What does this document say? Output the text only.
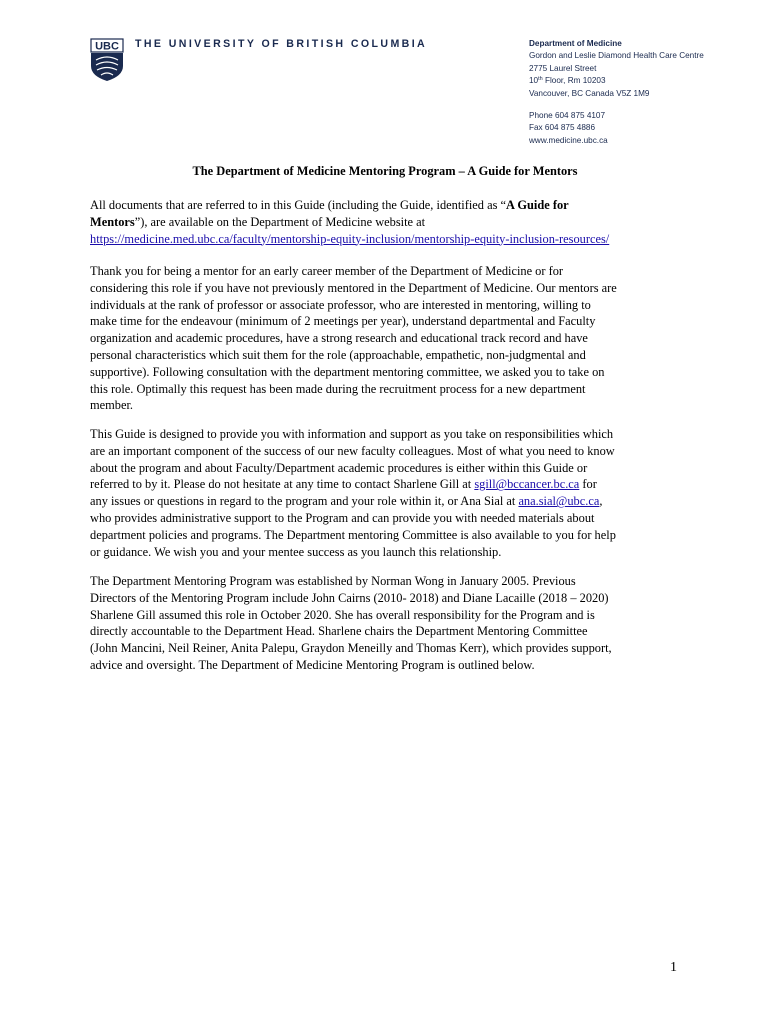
UBC THE UNIVERSITY OF BRITISH COLUMBIA	Department of Medicine
Gordon and Leslie Diamond Health Care Centre
2775 Laurel Street
10th Floor, Rm 10203
Vancouver, BC Canada V5Z 1M9
Phone 604 875 4107
Fax 604 875 4886
www.medicine.ubc.ca
The Department of Medicine Mentoring Program – A Guide for Mentors
All documents that are referred to in this Guide (including the Guide, identified as “A Guide for
Mentors”), are available on the Department of Medicine website at
https://medicine.med.ubc.ca/faculty/mentorship-equity-inclusion/mentorship-equity-inclusion-resources/
Thank you for being a mentor for an early career member of the Department of Medicine or for
considering this role if you have not previously mentored in the Department of Medicine. Our mentors are
individuals at the rank of professor or associate professor, who are interested in mentoring, willing to
make time for the endeavour (minimum of 2 meetings per year), understand departmental and Faculty
organization and academic procedures, have a strong research and educational track record and have
personal characteristics which suit them for the role (approachable, empathetic, non-judgmental and
supportive). Following consultation with the department mentoring committee, we asked you to take on
this role. Optimally this request has been made during the recruitment process for a new department
member.
This Guide is designed to provide you with information and support as you take on responsibilities which
are an important component of the success of our new faculty colleagues. Most of what you need to know
about the program and about Faculty/Department academic procedures is either within this Guide or
referred to by it. Please do not hesitate at any time to contact Sharlene Gill at sgill@bccancer.bc.ca for
any issues or questions in regard to the program and your role within it, or Ana Sial at ana.sial@ubc.ca,
who provides administrative support to the Program and can provide you with needed materials about
department policies and programs. The Department mentoring Committee is also available to you for help
or guidance. We wish you and your mentee success as you launch this relationship.
The Department Mentoring Program was established by Norman Wong in January 2005. Previous
Directors of the Mentoring Program include John Cairns (2010- 2018) and Diane Lacaille (2018 – 2020)
Sharlene Gill assumed this role in October 2020. She has overall responsibility for the Program and is
directly accountable to the Department Head. Sharlene chairs the Department Mentoring Committee
(John Mancini, Neil Reiner, Anita Palepu, Graydon Meneilly and Thomas Kerr), which provides support,
advice and oversight. The Department of Medicine Mentoring Program is outlined below.
1
